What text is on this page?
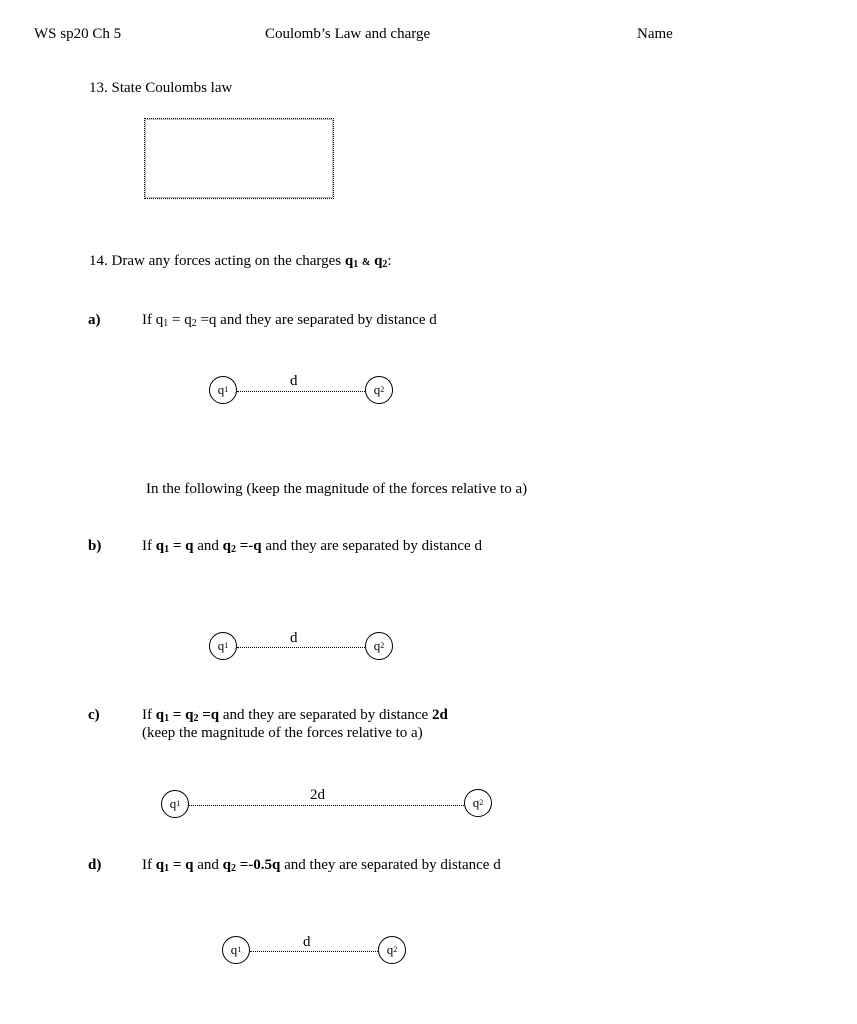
WS sp20 Ch 5	Coulomb’s Law and charge	Name
13. State Coulombs law
14. Draw any forces acting on the charges $q_1$ & $q_2$:
a)	If $q_1 = q_2 =q$ and they are separated by distance d
q 1
d
q 2
In the following (keep the magnitude of the forces relative to a)
b)	If $q_1 = q$ and $q_2 =-q$ and they are separated by distance d
q 1	d	q 2
c)	If $q_1 = q_2 =q$ and they are separated by distance 2d
(keep the magnitude of the forces relative to a)
q 1
2d	q 2
d)	If $q_1 = q$ and $q_2 =-0.5q$ and they are separated by distance d
q 1	d	q 2
